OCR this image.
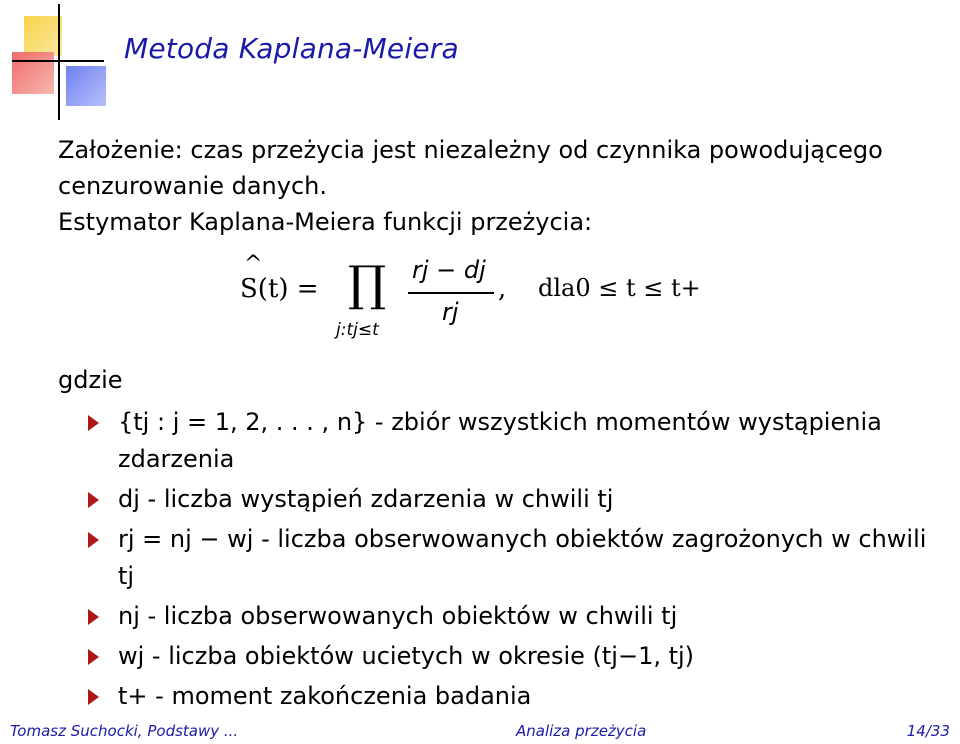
Metoda Kaplana-Meiera
Założenie: czas przeżycia jest niezależny od czynnika powodującego cenzurowanie danych.
Estymator Kaplana-Meiera funkcji przeżycia:
^
S(t) = ∏
j:tj≤t
rj − dj
rj
, dla0 ≤ t ≤ t+
gdzie
{tj : j = 1, 2, . . . , n} - zbiór wszystkich momentów wystąpienia zdarzenia
dj - liczba wystąpień zdarzenia w chwili tj
rj = nj − wj - liczba obserwowanych obiektów zagrożonych w chwili tj
nj - liczba obserwowanych obiektów w chwili tj
wj - liczba obiektów ucietych w okresie (tj−1, tj)
t+ - moment zakończenia badania
Tomasz Suchocki, Podstawy ...	Analiza przeżycia	14/33
